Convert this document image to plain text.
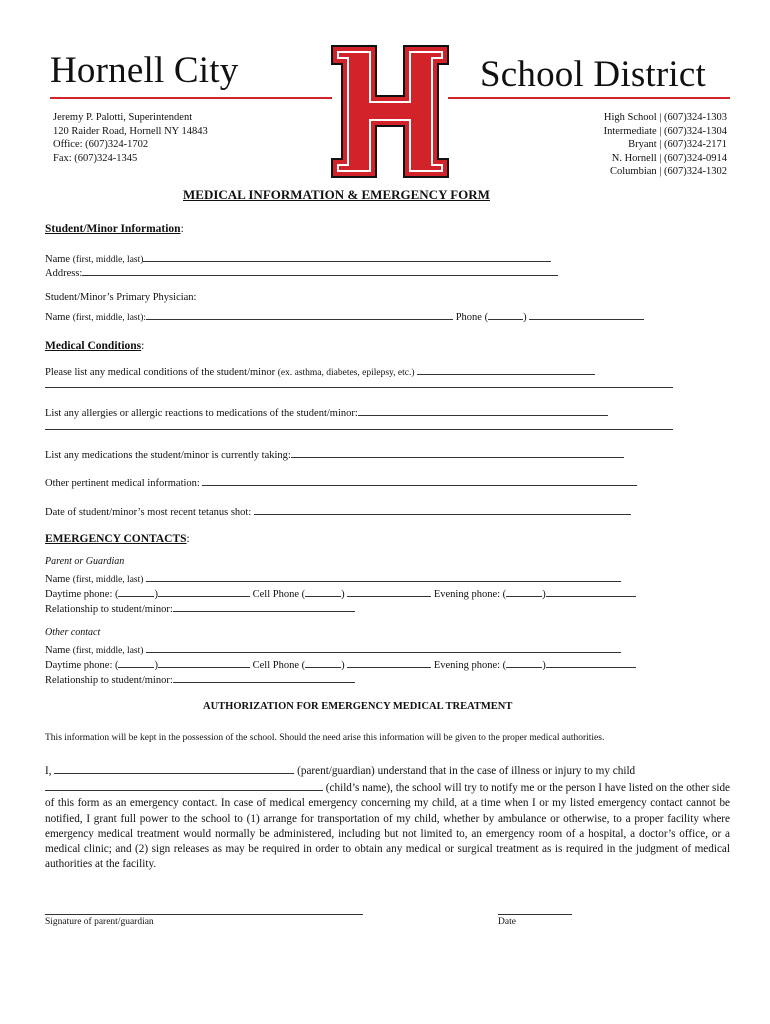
Hornell City	School District
Jeremy P. Palotti, Superintendent
120 Raider Road, Hornell NY 14843
Office: (607)324-1702
Fax: (607)324-1345
High School | (607)324-1303
Intermediate | (607)324-1304
Bryant | (607)324-2171
N. Hornell | (607)324-0914
Columbian | (607)324-1302
MEDICAL INFORMATION & EMERGENCY FORM
Student/Minor Information:
Name (first, middle, last)
Address:
Student/Minor’s Primary Physician:
Name (first, middle, last):	Phone (	)
Medical Conditions:
Please list any medical conditions of the student/minor (ex. asthma, diabetes, epilepsy, etc.)
List any allergies or allergic reactions to medications of the student/minor:
List any medications the student/minor is currently taking:
Other pertinent medical information:
Date of student/minor’s most recent tetanus shot:
EMERGENCY CONTACTS:
Parent or Guardian
Name (first, middle, last)
Daytime phone: (	)	Cell Phone (	)	Evening phone: (	)
Relationship to student/minor:
Other contact
Name (first, middle, last)
Daytime phone: (	)	Cell Phone (	)	Evening phone: (	)
Relationship to student/minor:
AUTHORIZATION FOR EMERGENCY MEDICAL TREATMENT
This information will be kept in the possession of the school. Should the need arise this information will be given to the proper medical authorities.
I,	(parent/guardian) understand that in the case of illness or injury to my child
(child’s name), the school will try to notify me or the person I have listed on the other side of this form as an emergency contact. In case of medical emergency concerning my child, at a time when I or my listed emergency contact cannot be notified, I grant full power to the school to (1) arrange for transportation of my child, whether by ambulance or otherwise, to a proper facility where emergency medical treatment would normally be administered, including but not limited to, an emergency room of a hospital, a doctor’s office, or a medical clinic; and (2) sign releases as may be required in order to obtain any medical or surgical treatment as is required in the judgment of medical authorities at the facility.
Signature of parent/guardian	Date
